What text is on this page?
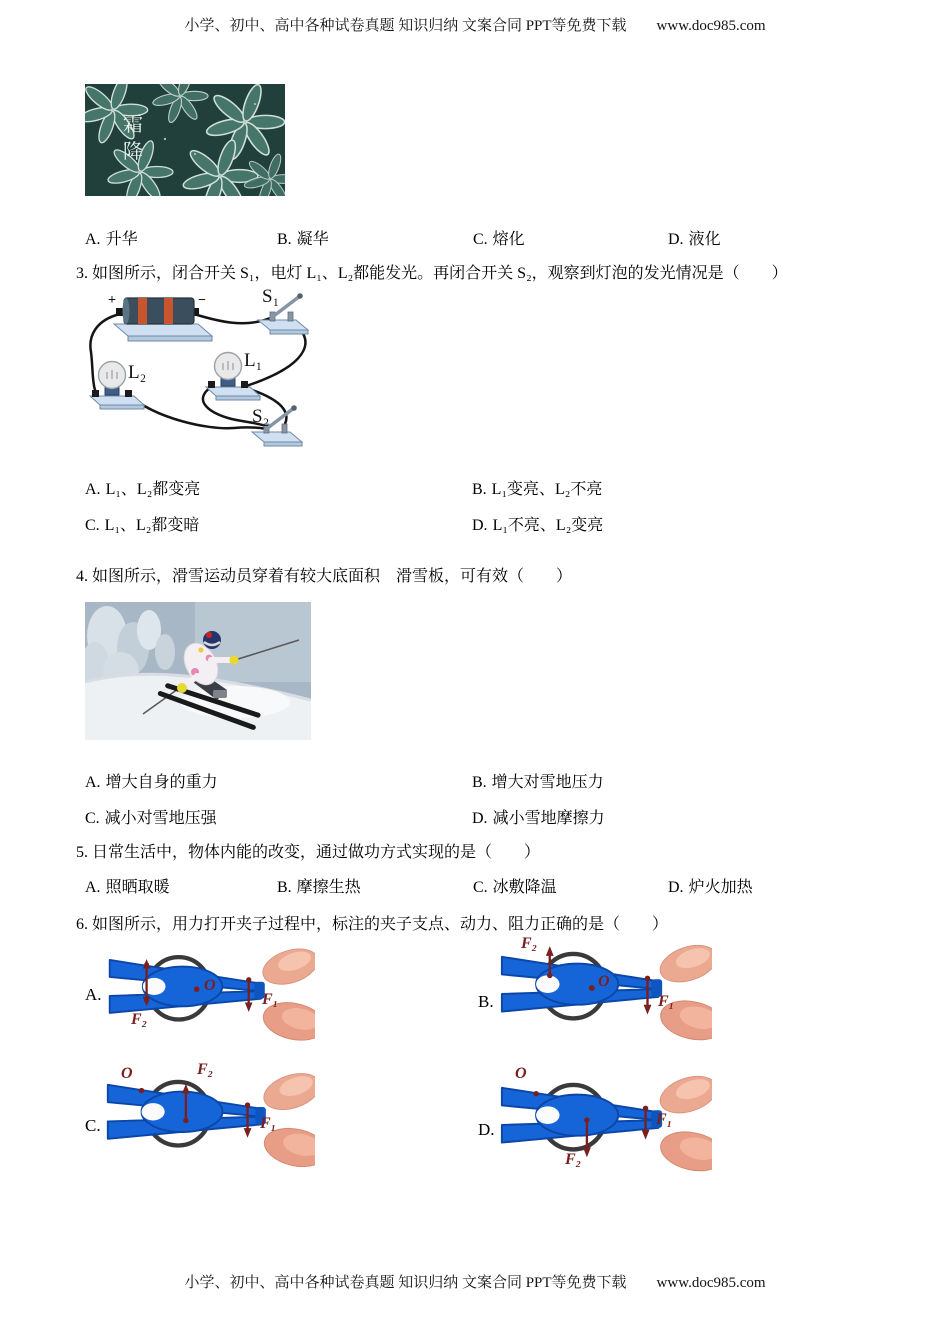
小学、初中、高中各种试卷真题 知识归纳 文案合同 PPT等免费下载 www.doc985.com
霜降
A. 升华	B. 凝华	C. 熔化	D. 液化
3. 如图所示，闭合开关 S₁，电灯 L₁、L₂都能发光。再闭合开关 S₂，观察到灯泡的发光情况是（　　）
+	−	S₁
L₂
L₁
S₂
A. L₁、L₂都变亮	B. L₁变亮、L₂不亮
C. L₁、L₂都变暗	D. L₁不亮、L₂变亮
4. 如图所示，滑雪运动员穿着有较大底面积　滑雪板，可有效（　　）
A. 增大自身的重力	B. 增大对雪地压力
C. 减小对雪地压强	D. 减小雪地摩擦力
5. 日常生活中，物体内能的改变，通过做功方式实现的是（　　）
A. 照晒取暖	B. 摩擦生热	C. 冰敷降温	D. 炉火加热
6. 如图所示，用力打开夹子过程中，标注的夹子支点、动力、阻力正确的是（　　）
A.	O
F₁
F₂
B.
F₂
O
F₁
C.
O	F₂
F₁	D.
O
F₂
F₁
小学、初中、高中各种试卷真题 知识归纳 文案合同 PPT等免费下载 www.doc985.com
